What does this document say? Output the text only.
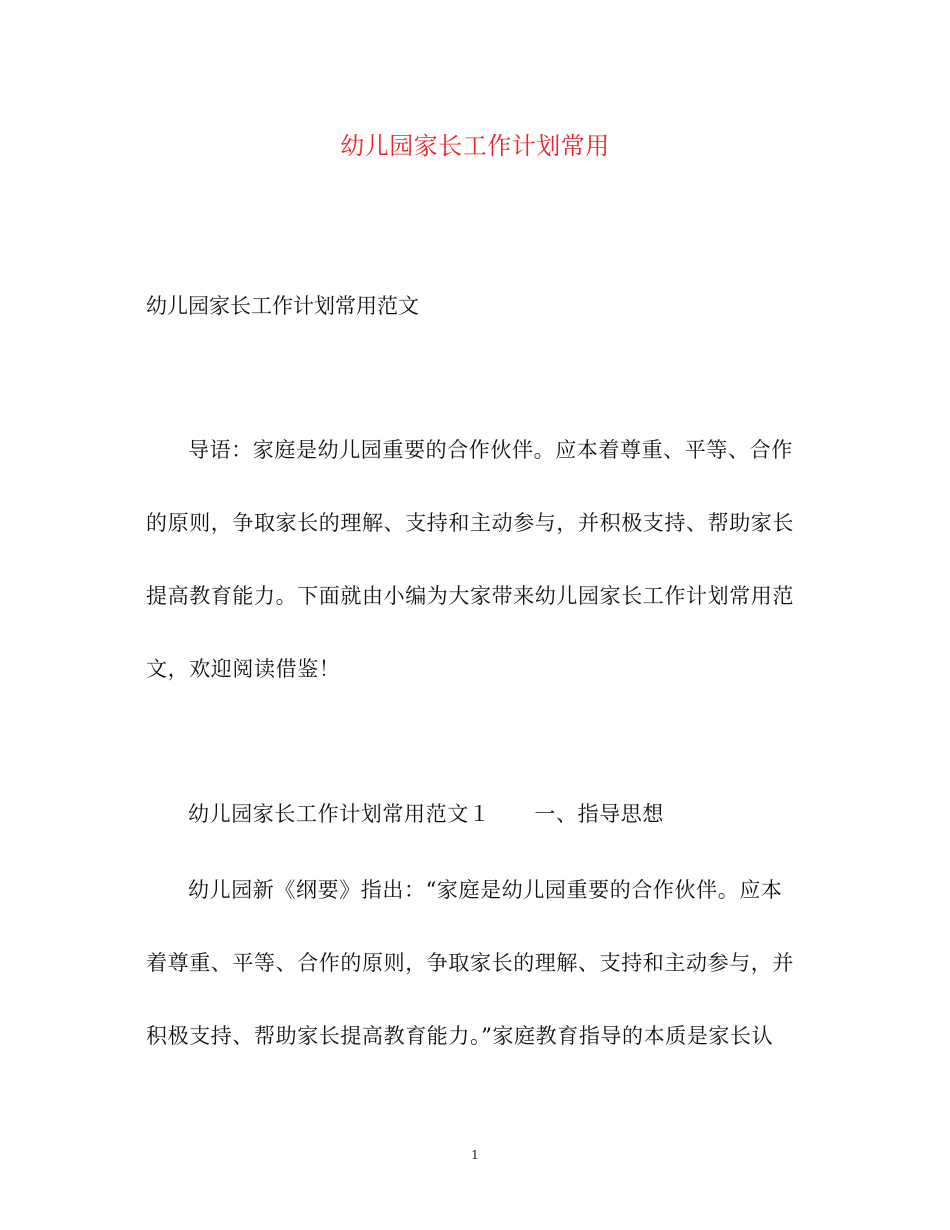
幼儿园家长工作计划常用
幼儿园家长工作计划常用范文
导语：家庭是幼儿园重要的合作伙伴。应本着尊重、平等、合作
的原则，争取家长的理解、支持和主动参与，并积极支持、帮助家长
提高教育能力。下面就由小编为大家带来幼儿园家长工作计划常用范
文，欢迎阅读借鉴！
幼儿园家长工作计划常用范文１ 一、指导思想
幼儿园新《纲要》指出：“家庭是幼儿园重要的合作伙伴。应本
着尊重、平等、合作的原则，争取家长的理解、支持和主动参与，并
积极支持、帮助家长提高教育能力。”家庭教育指导的本质是家长认
1
